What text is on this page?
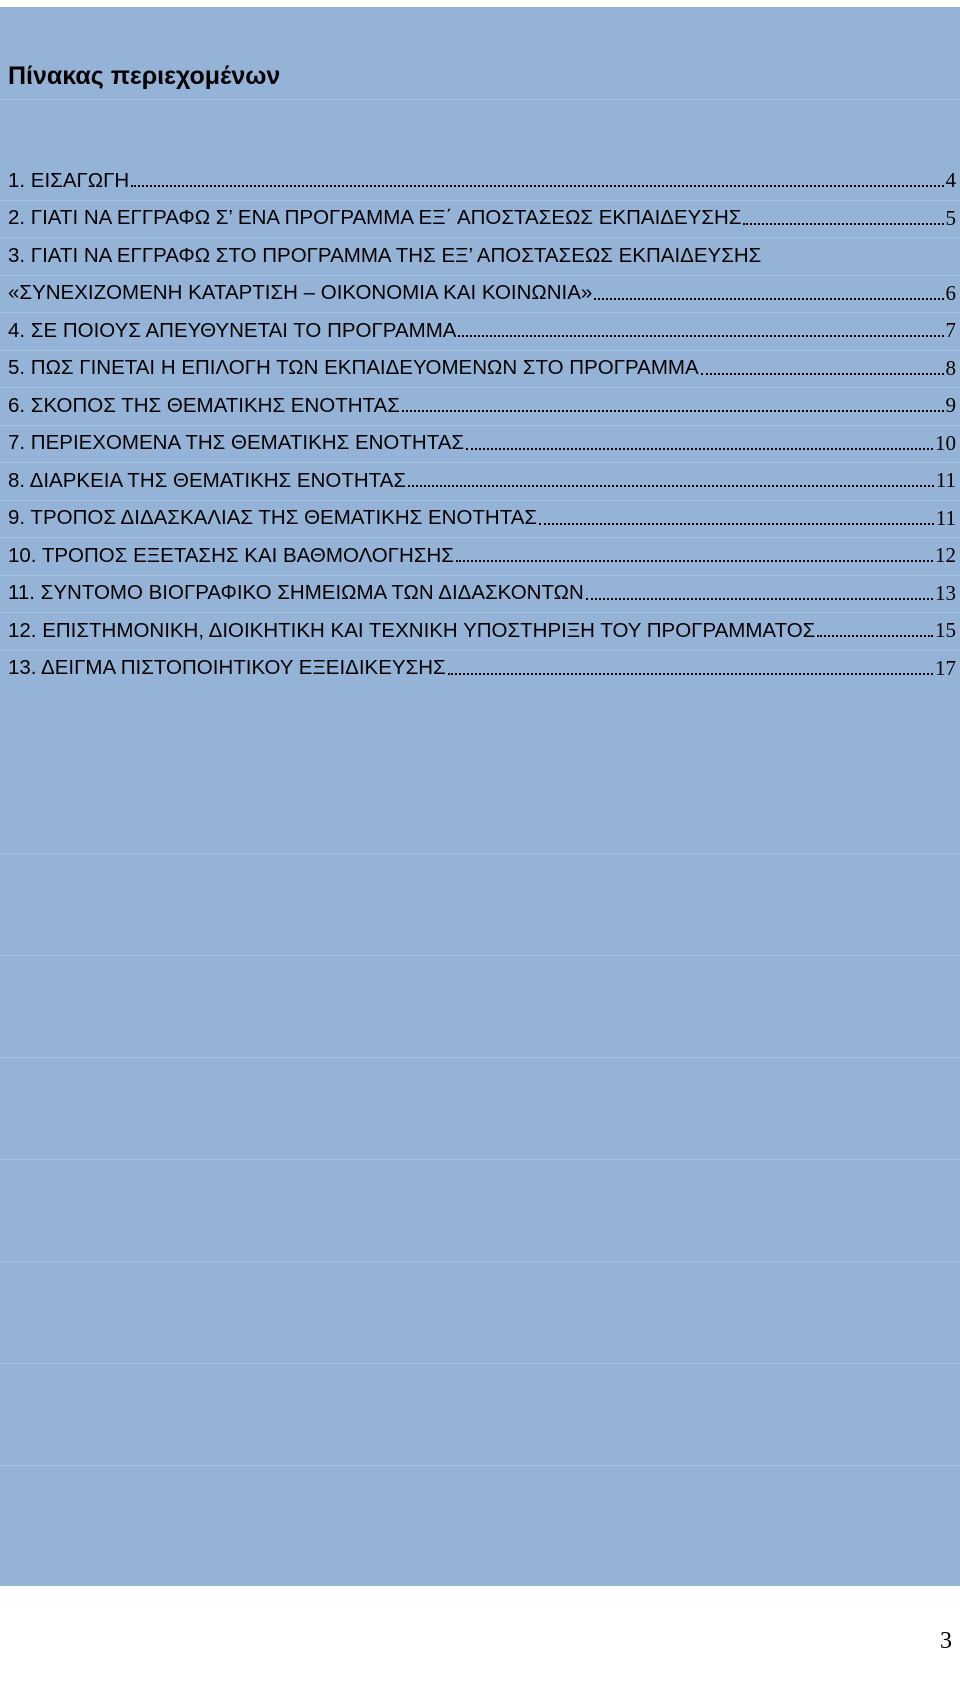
Πίνακας περιεχομένων
1. ΕΙΣΑΓΩΓΗ	4
2. ΓΙΑΤΙ ΝΑ ΕΓΓΡΑΦΩ Σ’ ΕΝΑ ΠΡΟΓΡΑΜΜΑ ΕΞ΄ ΑΠΟΣΤΑΣΕΩΣ ΕΚΠΑΙΔΕΥΣΗΣ	5
3. ΓΙΑΤΙ ΝΑ ΕΓΓΡΑΦΩ ΣΤΟ ΠΡΟΓΡΑΜΜΑ ΤΗΣ ΕΞ’ ΑΠΟΣΤΑΣΕΩΣ ΕΚΠΑΙΔΕΥΣΗΣ
«ΣΥΝΕΧΙΖΟΜΕΝΗ ΚΑΤΑΡΤΙΣΗ – ΟΙΚΟΝΟΜΙΑ ΚΑΙ ΚΟΙΝΩΝΙΑ»	6
4. ΣΕ ΠΟΙΟΥΣ ΑΠΕΥΘΥΝΕΤΑΙ ΤΟ ΠΡΟΓΡΑΜΜΑ	7
5. ΠΩΣ ΓΙΝΕΤΑΙ Η ΕΠΙΛΟΓΗ ΤΩΝ ΕΚΠΑΙΔΕΥΟΜΕΝΩΝ ΣΤΟ ΠΡΟΓΡΑΜΜΑ	8
6. ΣΚΟΠΟΣ ΤΗΣ ΘΕΜΑΤΙΚΗΣ ΕΝΟΤΗΤΑΣ	9
7. ΠΕΡΙΕΧΟΜΕΝΑ ΤΗΣ ΘΕΜΑΤΙΚΗΣ ΕΝΟΤΗΤΑΣ	10
8. ΔΙΑΡΚΕΙΑ ΤΗΣ ΘΕΜΑΤΙΚΗΣ ΕΝΟΤΗΤΑΣ	11
9. ΤΡΟΠΟΣ ΔΙΔΑΣΚΑΛΙΑΣ ΤΗΣ ΘΕΜΑΤΙΚΗΣ ΕΝΟΤΗΤΑΣ	11
10. ΤΡΟΠΟΣ ΕΞΕΤΑΣΗΣ ΚΑΙ ΒΑΘΜΟΛΟΓΗΣΗΣ	12
11. ΣΥΝΤΟΜΟ ΒΙΟΓΡΑΦΙΚΟ ΣΗΜΕΙΩΜΑ ΤΩΝ ΔΙΔΑΣΚΟΝΤΩΝ	13
12. ΕΠΙΣΤΗΜΟΝΙΚΗ, ΔΙΟΙΚΗΤΙΚΗ ΚΑΙ ΤΕΧΝΙΚΗ ΥΠΟΣΤΗΡΙΞΗ ΤΟΥ ΠΡΟΓΡΑΜΜΑΤΟΣ	15
13. ΔΕΙΓΜΑ ΠΙΣΤΟΠΟΙΗΤΙΚΟΥ ΕΞΕΙΔΙΚΕΥΣΗΣ	17
3
